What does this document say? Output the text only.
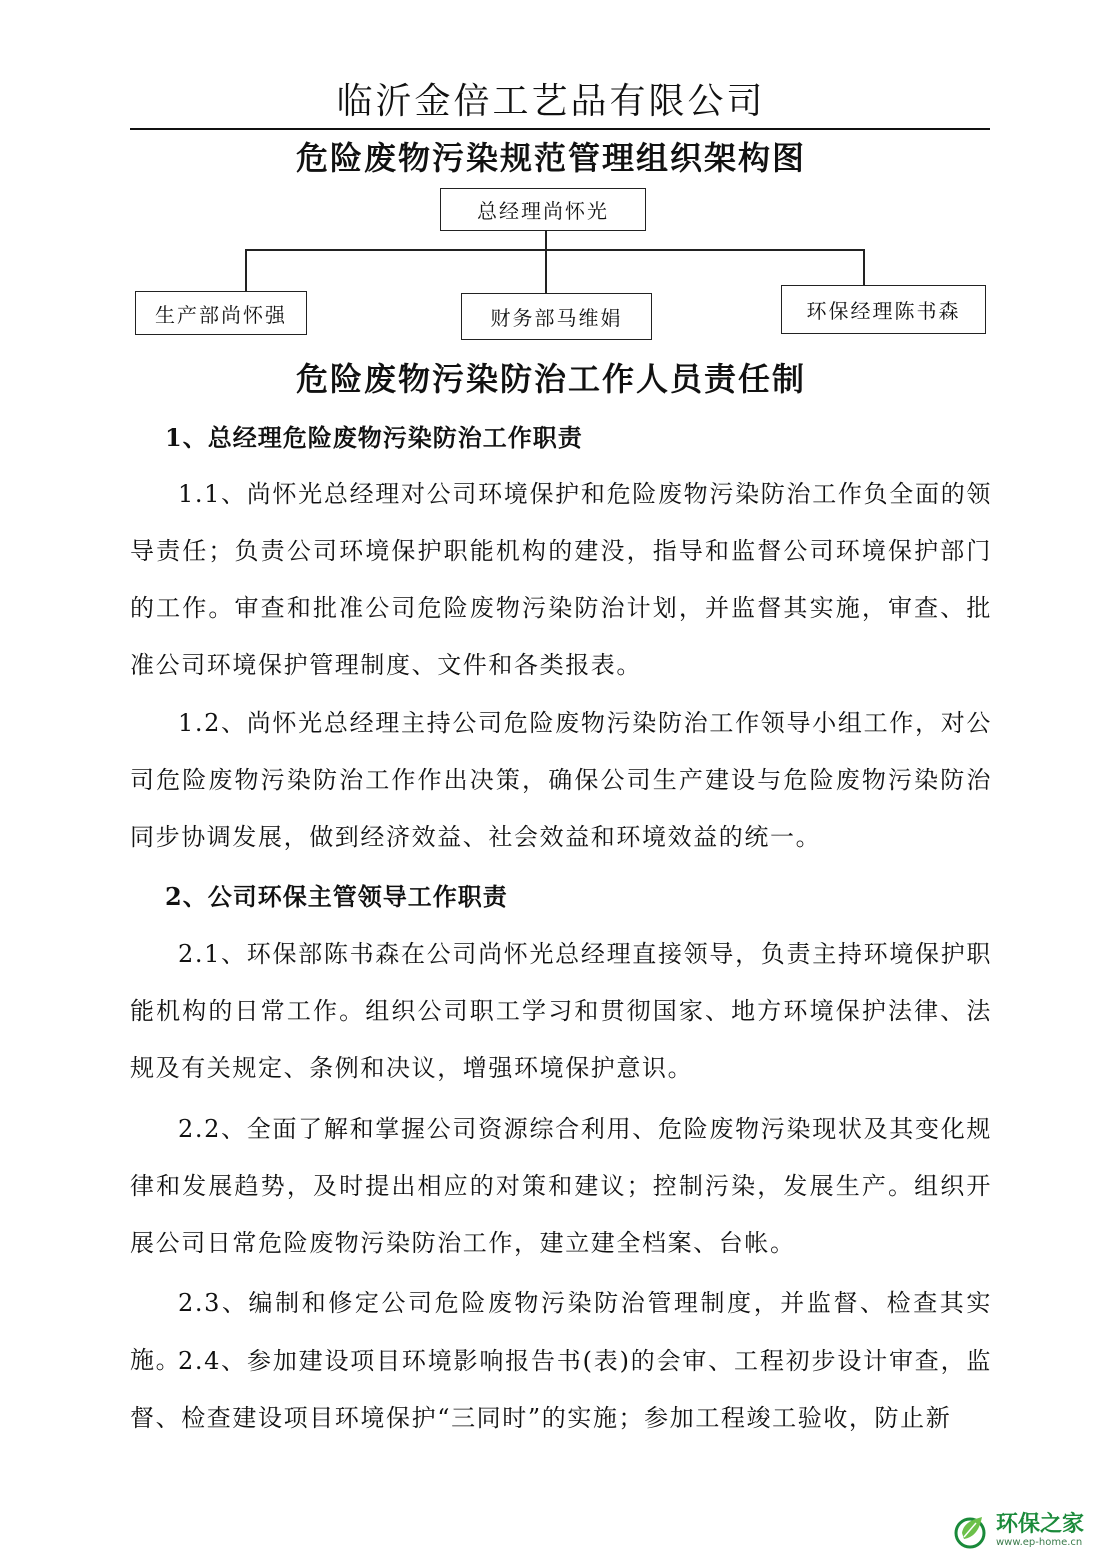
临沂金倍工艺品有限公司
危险废物污染规范管理组织架构图
总经理尚怀光
生产部尚怀强	财务部马维娟	环保经理陈书森
危险废物污染防治工作人员责任制
1、总经理危险废物污染防治工作职责
1.1、尚怀光总经理对公司环境保护和危险废物污染防治工作负全面的领导责任；负责公司环境保护职能机构的建没，指导和监督公司环境保护部门的工作。审查和批准公司危险废物污染防治计划，并监督其实施，审查、批准公司环境保护管理制度、文件和各类报表。
1.2、尚怀光总经理主持公司危险废物污染防治工作领导小组工作，对公司危险废物污染防治工作作出决策，确保公司生产建设与危险废物污染防治同步协调发展，做到经济效益、社会效益和环境效益的统一。
2、公司环保主管领导工作职责
2.1、环保部陈书森在公司尚怀光总经理直接领导，负责主持环境保护职能机构的日常工作。组织公司职工学习和贯彻国家、地方环境保护法律、法规及有关规定、条例和决议，增强环境保护意识。
2.2、全面了解和掌握公司资源综合利用、危险废物污染现状及其变化规律和发展趋势，及时提出相应的对策和建议；控制污染，发展生产。组织开展公司日常危险废物污染防治工作，建立建全档案、台帐。
2.3、编制和修定公司危险废物污染防治管理制度，并监督、检查其实施。
2.4、参加建设项目环境影响报告书(表)的会审、工程初步设计审查，监督、检查建设项目环境保护“三同时”的实施；参加工程竣工验收，防止新
环保之家
www.ep-home.cn
